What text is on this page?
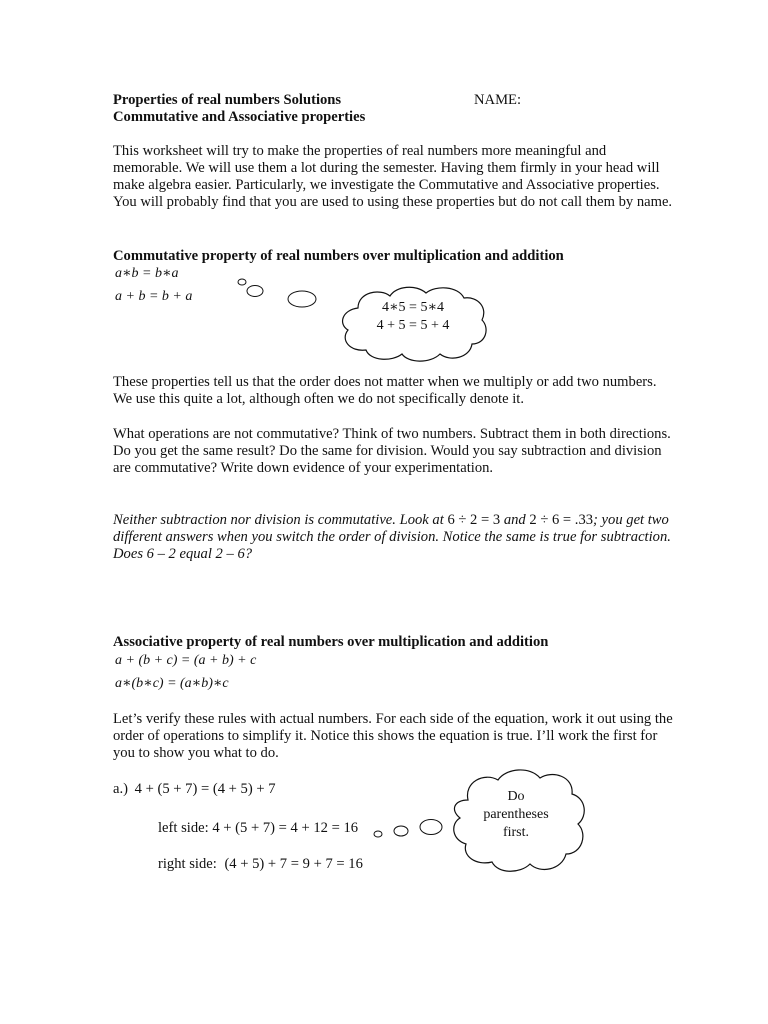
Properties of real numbers Solutions	NAME:
Commutative and Associative properties

This worksheet will try to make the properties of real numbers more meaningful and memorable. We will use them a lot during the semester. Having them firmly in your head will make algebra easier. Particularly, we investigate the Commutative and Associative properties. You will probably find that you are used to using these properties but do not call them by name.

Commutative property of real numbers over multiplication and addition
a∗b = b∗a
a + b = b + a
4∗5 = 5∗4
4 + 5 = 5 + 4

These properties tell us that the order does not matter when we multiply or add two numbers. We use this quite a lot, although often we do not specifically denote it.

What operations are not commutative? Think of two numbers. Subtract them in both directions. Do you get the same result? Do the same for division. Would you say subtraction and division are commutative? Write down evidence of your experimentation.

Neither subtraction nor division is commutative. Look at 6 ÷ 2 = 3 and 2 ÷ 6 = .33; you get two different answers when you switch the order of division. Notice the same is true for subtraction. Does 6 – 2 equal 2 – 6?

Associative property of real numbers over multiplication and addition
a + (b + c) = (a + b) + c
a∗(b∗c) = (a∗b)∗c

Let’s verify these rules with actual numbers. For each side of the equation, work it out using the order of operations to simplify it. Notice this shows the equation is true. I’ll work the first for you to show you what to do.

a.) 4 + (5 + 7) = (4 + 5) + 7
left side: 4 + (5 + 7) = 4 + 12 = 16
right side: (4 + 5) + 7 = 9 + 7 = 16
Do
parentheses
first.
